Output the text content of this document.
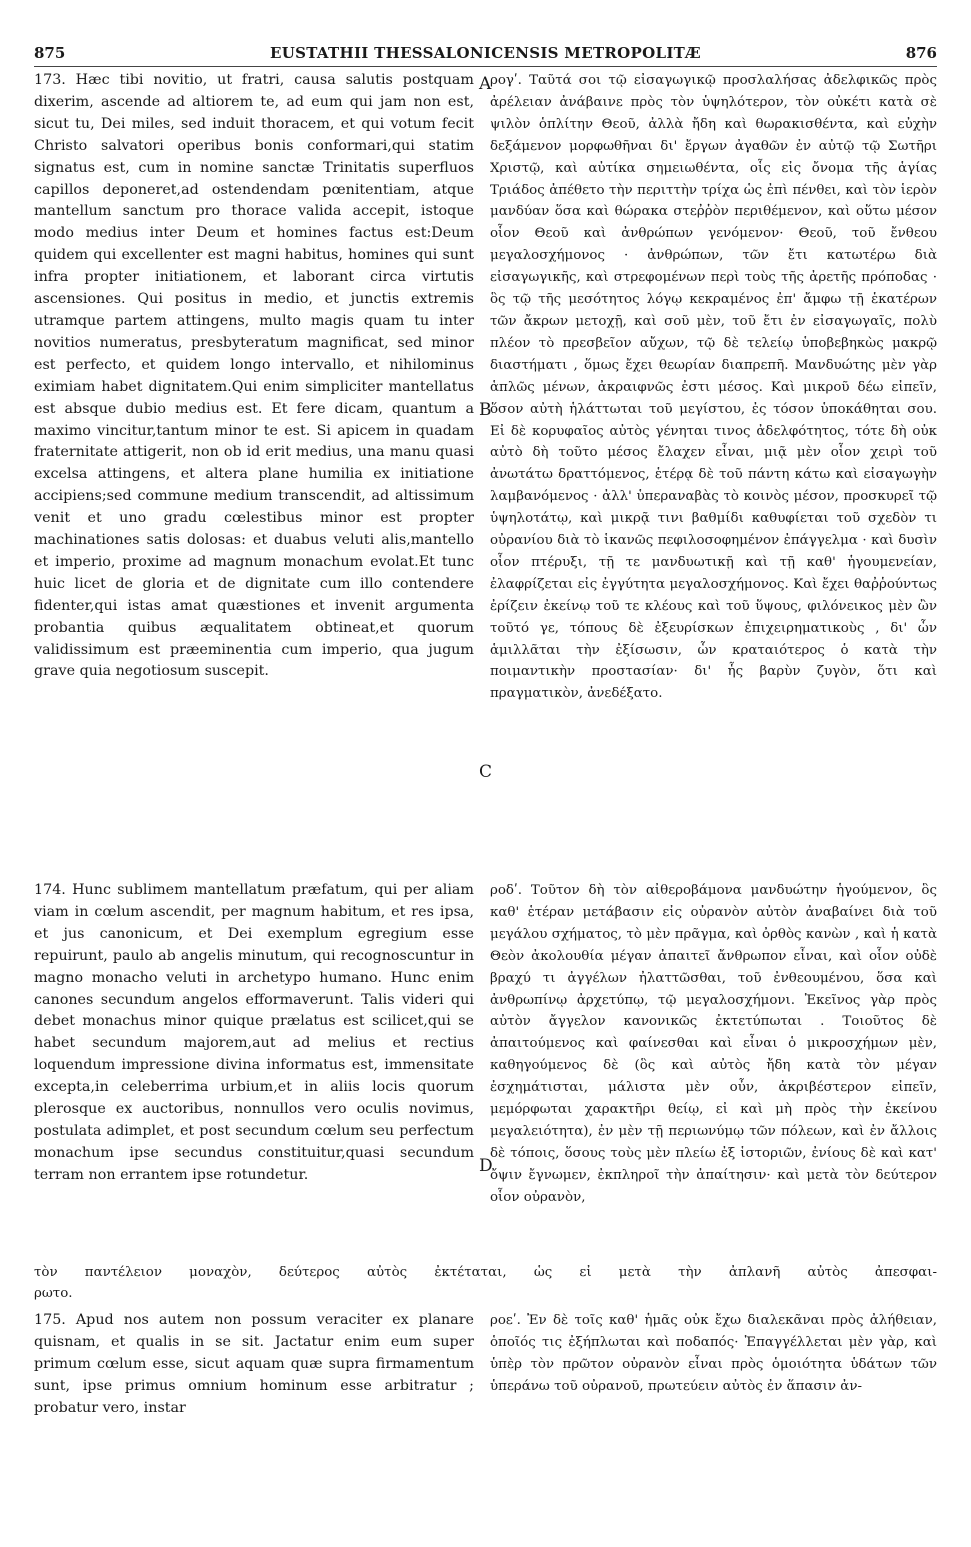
875	EUSTATHII THESSALONICENSIS METROPOLITÆ	876

173. Hæc tibi novitio, ut fratri, causa salutis postquam dixerim, ascende ad altiorem te, ad eum qui jam non est, sicut tu, Dei miles, sed induit thoracem, et qui votum fecit Christo salvatori operibus bonis conformari,qui statim signatus est, cum in nomine sanctæ Trinitatis superfluos capillos deponeret,ad ostendendam pœnitentiam, atque mantellum sanctum pro thorace valida accepit, istoque modo medius inter Deum et homines factus est:Deum quidem qui excellenter est magni habitus, homines qui sunt infra propter initiationem, et laborant circa virtutis ascensiones. Qui positus in medio, et junctis extremis utramque partem attingens, multo magis quam tu inter novitios numeratus, presbyteratum magnificat, sed minor est perfecto, et quidem longo intervallo, et nihilominus eximiam habet dignitatem.Qui enim simpliciter mantellatus est absque dubio medius est. Et fere dicam, quantum a maximo vincitur,tantum minor te est. Si apicem in quadam fraternitate attigerit, non ob id erit medius, una manu quasi excelsa attingens, et altera plane humilia ex initiatione accipiens;sed commune medium transcendit, ad altissimum venit et uno gradu cœlestibus minor est propter machinationes satis dolosas: et duabus veluti alis,mantello et imperio, proxime ad magnum monachum evolat.Et tunc huic licet de gloria et de dignitate cum illo contendere fidenter,qui istas amat quæstiones et invenit argumenta probantia quibus æqualitatem obtineat,et quorum validissimum est præeminentia cum imperio, qua jugum grave quia negotiosum suscepit.

174. Hunc sublimem mantellatum præfatum, qui per aliam viam in cœlum ascendit, per magnum habitum, et res ipsa, et jus canonicum, et Dei exemplum egregium esse repuirunt, paulo ab angelis minutum, qui recognoscuntur in magno monacho veluti in archetypo humano. Hunc enim canones secundum angelos efformaverunt. Talis videri qui debet monachus minor quique prælatus est scilicet,qui se habet secundum majorem,aut ad melius et rectius loquendum impressione divina informatus est, immensitate excepta,in celeberrima urbium,et in aliis locis quorum plerosque ex auctoribus, nonnullos vero oculis novimus, postulata adimplet, et post secundum cœlum seu perfectum monachum ipse secundus constituitur,quasi secundum terram non errantem ipse rotundetur.

ρογʹ. Ταῦτά σοι τῷ εἰσαγωγικῷ προσλαλήσας ἀδελφικῶς πρὸς ἀρέλειαν ἀνάβαινε πρὸς τὸν ὑψηλότερον, τὸν οὐκέτι κατὰ σὲ ψιλὸν ὁπλίτην Θεοῦ, ἀλλὰ ἤδη καὶ θωρακισθέντα, καὶ εὐχὴν δεξάμενον μορφωθῆναι δι' ἔργων ἀγαθῶν ἐν αὐτῷ τῷ Σωτῆρι Χριστῷ, καὶ αὐτίκα σημειωθέντα, οἷς εἰς ὄνομα τῆς ἁγίας Τριάδος ἀπέθετο τὴν περιττὴν τρίχα ὡς ἐπὶ πένθει, καὶ τὸν ἱερὸν μανδύαν ὅσα καὶ θώρακα στεῤῥὸν περιθέμενον, καὶ οὕτω μέσον οἷον Θεοῦ καὶ ἀνθρώπων γενόμενον· Θεοῦ, τοῦ ἔνθεου μεγαλοσχήμονος · ἀνθρώπων, τῶν ἔτι κατωτέρω διὰ εἰσαγωγικῆς, καὶ στρεφομένων περὶ τοὺς τῆς ἀρετῆς πρόποδας · ὃς τῷ τῆς μεσότητος λόγῳ κεκραμένος ἐπ' ἄμφω τῇ ἑκατέρων τῶν ἄκρων μετοχῇ, καὶ σοῦ μὲν, τοῦ ἔτι ἐν εἰσαγωγαῖς, πολὺ πλέον τὸ πρεσβεῖον αὔχων, τῷ δὲ τελείῳ ὑποβεβηκὼς μακρῷ διαστήματι , ὅμως ἔχει θεωρίαν διαπρεπῆ. Μανδυώτης μὲν γὰρ ἁπλῶς μένων, ἀκραιφνῶς ἐστι μέσος. Καὶ μικροῦ δέω εἰπεῖν, ὅσον αὐτὴ ἡλάττωται τοῦ μεγίστου, ἐς τόσον ὑποκάθηται σου. Εἰ δὲ κορυφαῖος αὐτὸς γένηται τινος ἀδελφότητος, τότε δὴ οὐκ αὐτὸ δὴ τοῦτο μέσος ἔλαχεν εἶναι, μιᾷ μὲν οἷον χειρὶ τοῦ ἀνωτάτω δραττόμενος, ἑτέρᾳ δὲ τοῦ πάντη κάτω καὶ εἰσαγωγὴν λαμβανόμενος · ἀλλ' ὑπεραναβὰς τὸ κοινὸς μέσον, προσκυρεῖ τῷ ὑψηλοτάτῳ, καὶ μικρᾷ τινι βαθμίδι καθυφίεται τοῦ σχεδὸν τι οὐρανίου διὰ τὸ ἱκανῶς πεφιλοσοφημένον ἐπάγγελμα · καὶ δυσὶν οἷον πτέρυξι, τῇ τε μανδυωτικῇ καὶ τῇ καθ' ἡγουμενείαν, ἐλαφρίζεται εἰς ἐγγύτητα μεγαλοσχήμονος. Καὶ ἔχει θαῤῥούντως ἐρίζειν ἐκείνῳ τοῦ τε κλέους καὶ τοῦ ὕψους, φιλόνεικος μὲν ὢν τοῦτό γε, τόπους δὲ ἐξευρίσκων ἐπιχειρηματικοὺς , δι' ὧν ἁμιλλᾶται τὴν ἐξίσωσιν, ὧν κραταιότερος ὁ κατὰ τὴν ποιμαντικὴν προστασίαν· δι' ἧς βαρὺν ζυγὸν, ὅτι καὶ πραγματικὸν, ἀνεδέξατο.

ροδʹ. Τοῦτον δὴ τὸν αἰθεροβάμονα μανδυώτην ἡγούμενον, ὃς καθ' ἑτέραν μετάβασιν εἰς οὐρανὸν αὐτὸν ἀναβαίνει διὰ τοῦ μεγάλου σχήματος, τὸ μὲν πρᾶγμα, καὶ ὀρθὸς κανὼν , καὶ ἡ κατὰ Θεὸν ἀκολουθία μέγαν ἀπαιτεῖ ἄνθρωπον εἶναι, καὶ οἷον οὐδὲ βραχύ τι ἀγγέλων ἠλαττῶσθαι, τοῦ ἐνθεουμένου, ὅσα καὶ ἀνθρωπίνῳ ἀρχετύπῳ, τῷ μεγαλοσχήμονι. Ἐκεῖνος γὰρ πρὸς αὐτὸν ἄγγελον κανονικῶς ἐκτετύπωται . Τοιοῦτος δὲ ἀπαιτούμενος καὶ φαίνεσθαι καὶ εἶναι ὁ μικροσχήμων μὲν, καθηγούμενος δὲ (ὃς καὶ αὐτὸς ἤδη κατὰ τὸν μέγαν ἐσχημάτισται, μάλιστα μὲν οὖν, ἀκριβέστερον εἰπεῖν, μεμόρφωται χαρακτῆρι θείῳ, εἰ καὶ μὴ πρὸς τὴν ἐκείνου μεγαλειότητα), ἐν μὲν τῇ περιωνύμῳ τῶν πόλεων, καὶ ἐν ἄλλοις δὲ τόποις, ὅσους τοὺς μὲν πλείω ἐξ ἱστοριῶν, ἐνίους δὲ καὶ κατ' ὄψιν ἔγνωμεν, ἐκπληροῖ τὴν ἀπαίτησιν· καὶ μετὰ τὸν δεύτερον οἷον οὐρανὸν,

τὸν παντέλειον μοναχὸν, δεύτερος αὐτὸς ἐκτέταται, ὡς εἰ μετὰ τὴν ἀπλανῆ αὐτὸς ἀπεσφαι-

ρωτο.

175. Apud nos autem non possum veraciter ex planare quisnam, et qualis in se sit. Jactatur enim eum super primum cœlum esse, sicut aquam quæ supra firmamentum sunt, ipse primus omnium hominum esse arbitratur ; probatur vero, instar

ροεʹ. Ἐν δὲ τοῖς καθ' ἡμᾶς οὐκ ἔχω διαλεκᾶναι πρὸς ἀλήθειαν, ὁποῖός τις ἐξήπλωται καὶ ποδαπός· Ἐπαγγέλλεται μὲν γὰρ, καὶ ὑπὲρ τὸν πρῶτον οὐρανὸν εἶναι πρὸς ὁμοιότητα ὑδάτων τῶν ὑπεράνω τοῦ οὐρανοῦ, πρωτεύειν αὐτὸς ἐν ἅπασιν ἀν-

A
B
C
D
